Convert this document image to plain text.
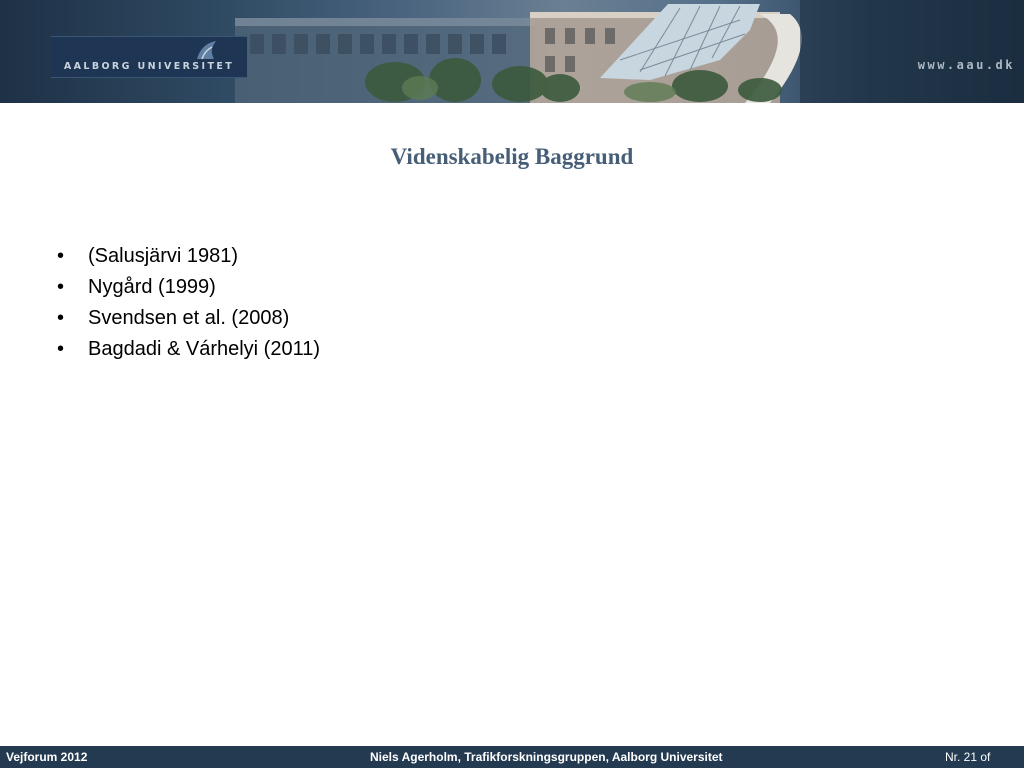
AALBORG UNIVERSITET	www.aau.dk
Videnskabelig Baggrund
• (Salusjärvi 1981)
• Nygård (1999)
• Svendsen et al. (2008)
• Bagdadi & Várhelyi (2011)
Vejforum 2012	Niels Agerholm, Trafikforskningsgruppen, Aalborg Universitet	Nr. 21 of
